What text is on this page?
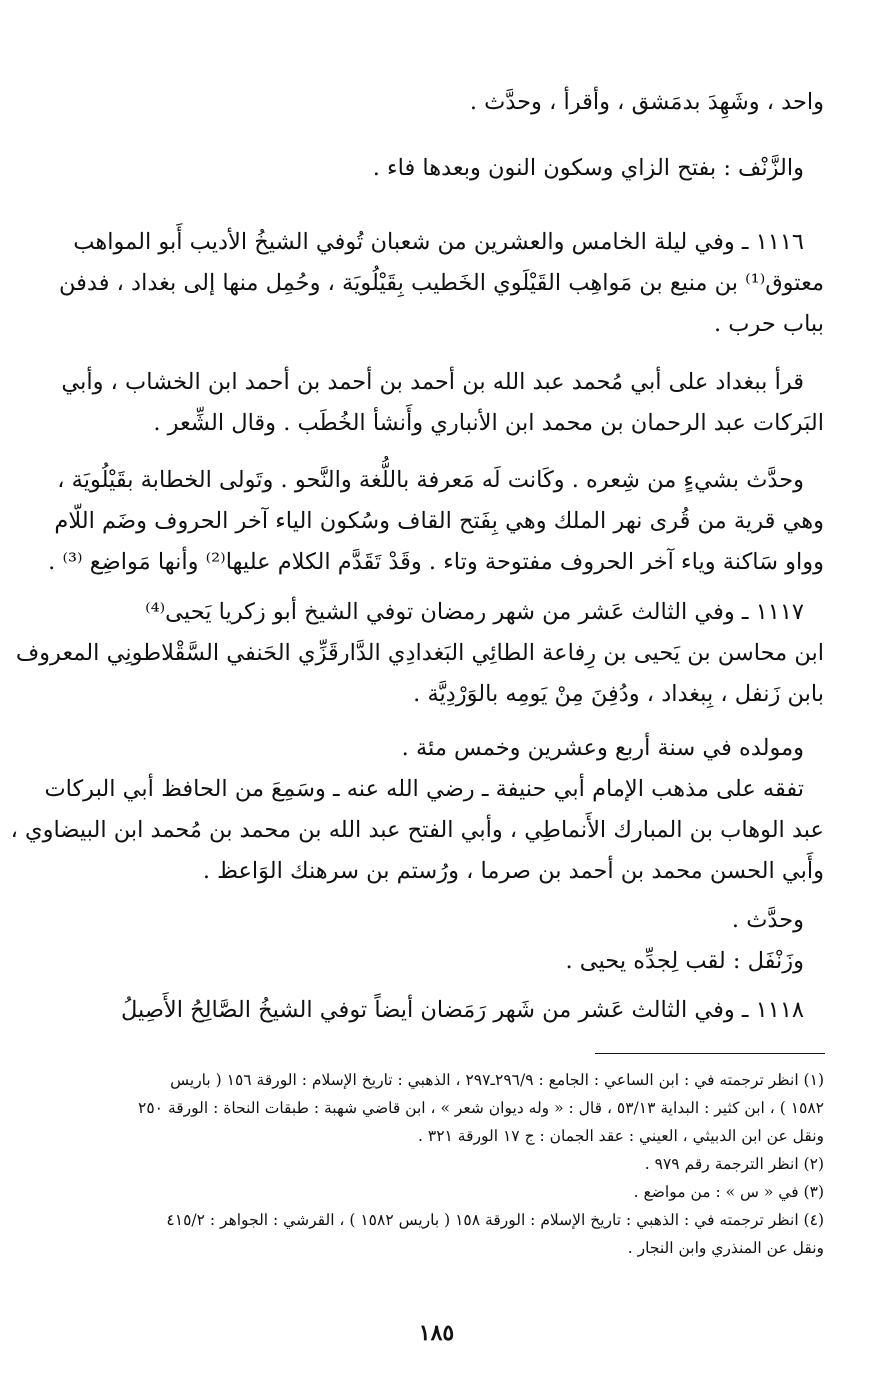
واحد ، وشَهِدَ بدمَشق ، وأقرأ ، وحدَّث .
والزَّنْف : بفتح الزاي وسكون النون وبعدها فاء .
١١١٦ ـ وفي ليلة الخامس والعشرين من شعبان تُوفي الشيخُ الأديب أَبو المواهب
معتوق⁽¹⁾ بن منيع بن مَواهِب القَيْلَوي الخَطيب بِقَيْلُويَة ، وحُمِل منها إلى بغداد ، فدفن
بباب حرب .
قرأ ببغداد على أبي مُحمد عبد الله بن أحمد بن أحمد بن أحمد ابن الخشاب ، وأبي
البَركات عبد الرحمان بن محمد ابن الأنباري وأَنشأ الخُطَب . وقال الشِّعر .
وحدَّث بشيءٍ من شِعره . وكَانت لَه مَعرفة باللُّغة والنَّحو . وتَولى الخطابة بقَيْلُويَة ،
وهي قرية من قُرى نهر الملك وهي بِفَتح القاف وسُكون الياء آخر الحروف وضَم اللّام
وواو سَاكنة وياء آخر الحروف مفتوحة وتاء . وقَدْ تَقَدَّم الكلام عليها⁽²⁾ وأنها مَواضِع ⁽³⁾ .
١١١٧ ـ وفي الثالث عَشر من شهر رمضان توفي الشيخ أبو زكريا يَحيى⁽⁴⁾
ابن محاسن بن يَحيى بن رِفاعة الطائِي البَغدادِي الدَّارقَزِّي الحَنفي السَّقْلاطونِي المعروف
بابن زَنفل ، بِبغداد ، ودُفِنَ مِنْ يَومِه بالوَرْدِيَّة .
ومولده في سنة أربع وعشرين وخمس مئة .
تفقه على مذهب الإمام أبي حنيفة ـ رضي الله عنه ـ وسَمِعَ من الحافظ أبي البركات
عبد الوهاب بن المبارك الأَنماطِي ، وأبي الفتح عبد الله بن محمد بن مُحمد ابن البيضاوي ،
وأَبي الحسن محمد بن أحمد بن صرما ، ورُستم بن سرهنك الوَاعظ .
وحدَّث .
وزَنْفَل : لقب لِجدِّه يحيى .
١١١٨ ـ وفي الثالث عَشر من شَهر رَمَضان أيضاً توفي الشيخُ الصَّالِحُ الأَصِيلُ
(١) انظر ترجمته في : ابن الساعي : الجامع : ٢٩٦/٩ـ٢٩٧ ، الذهبي : تاريخ الإسلام : الورقة ١٥٦ ( باريس
١٥٨٢ ) ، ابن كثير : البداية ٥٣/١٣ ، قال : « وله ديوان شعر » ، ابن قاضي شهبة : طبقات النحاة : الورقة ٢٥٠
ونقل عن ابن الدبيثي ، العيني : عقد الجمان : ج ١٧ الورقة ٣٢١ .
(٢) انظر الترجمة رقم ٩٧٩ .
(٣) في « س » : من مواضع .
(٤) انظر ترجمته في : الذهبي : تاريخ الإسلام : الورقة ١٥٨ ( باريس ١٥٨٢ ) ، القرشي : الجواهر : ٤١٥/٢
ونقل عن المنذري وابن النجار .
١٨٥
